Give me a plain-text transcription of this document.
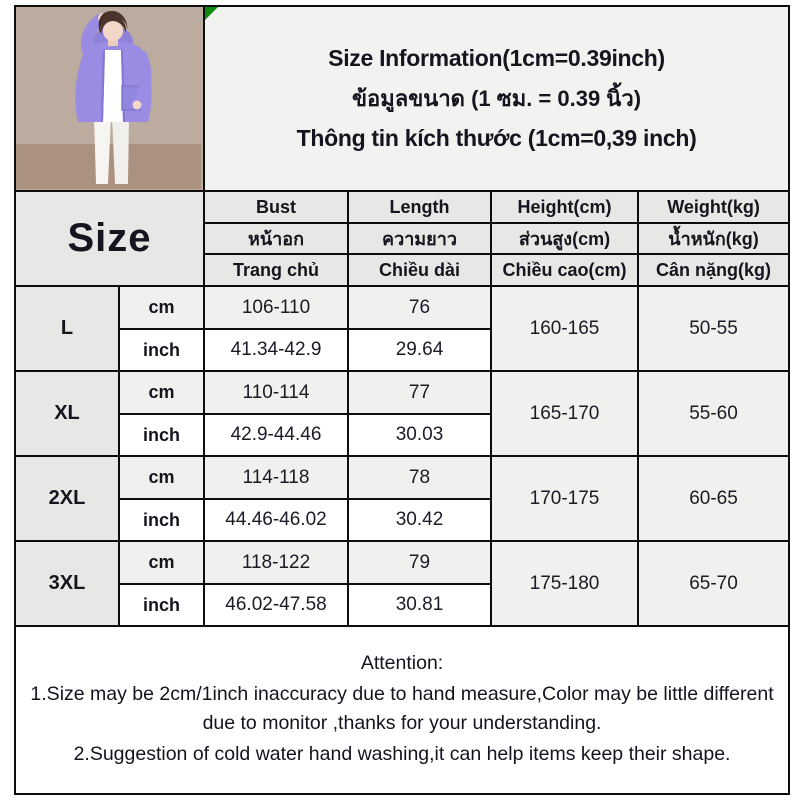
Size Information(1cm=0.39inch)
ข้อมูลขนาด (1 ซม. = 0.39 นิ้ว)
Thông tin kích thước (1cm=0,39 inch)			

Size		Bust	Length	Height(cm)	Weight(kg)
		หน้าอก	ความยาว	ส่วนสูง(cm)	น้ำหนัก(kg)
		Trang chủ	Chiều dài	Chiều cao(cm)	Cân nặng(kg)
L	cm	106-110	76	160-165	50-55
	inch	41.34-42.9	29.64		
XL	cm	110-114	77	165-170	55-60
	inch	42.9-44.46	30.03		
2XL	cm	114-118	78	170-175	60-65
	inch	44.46-46.02	30.42		
3XL	cm	118-122	79	175-180	65-70
	inch	46.02-47.58	30.81		

Attention:
1.Size may be 2cm/1inch inaccuracy due to hand measure,Color may be little different due to monitor ,thanks for your understanding.
2.Suggestion of cold water hand washing,it can help items keep their shape.					
